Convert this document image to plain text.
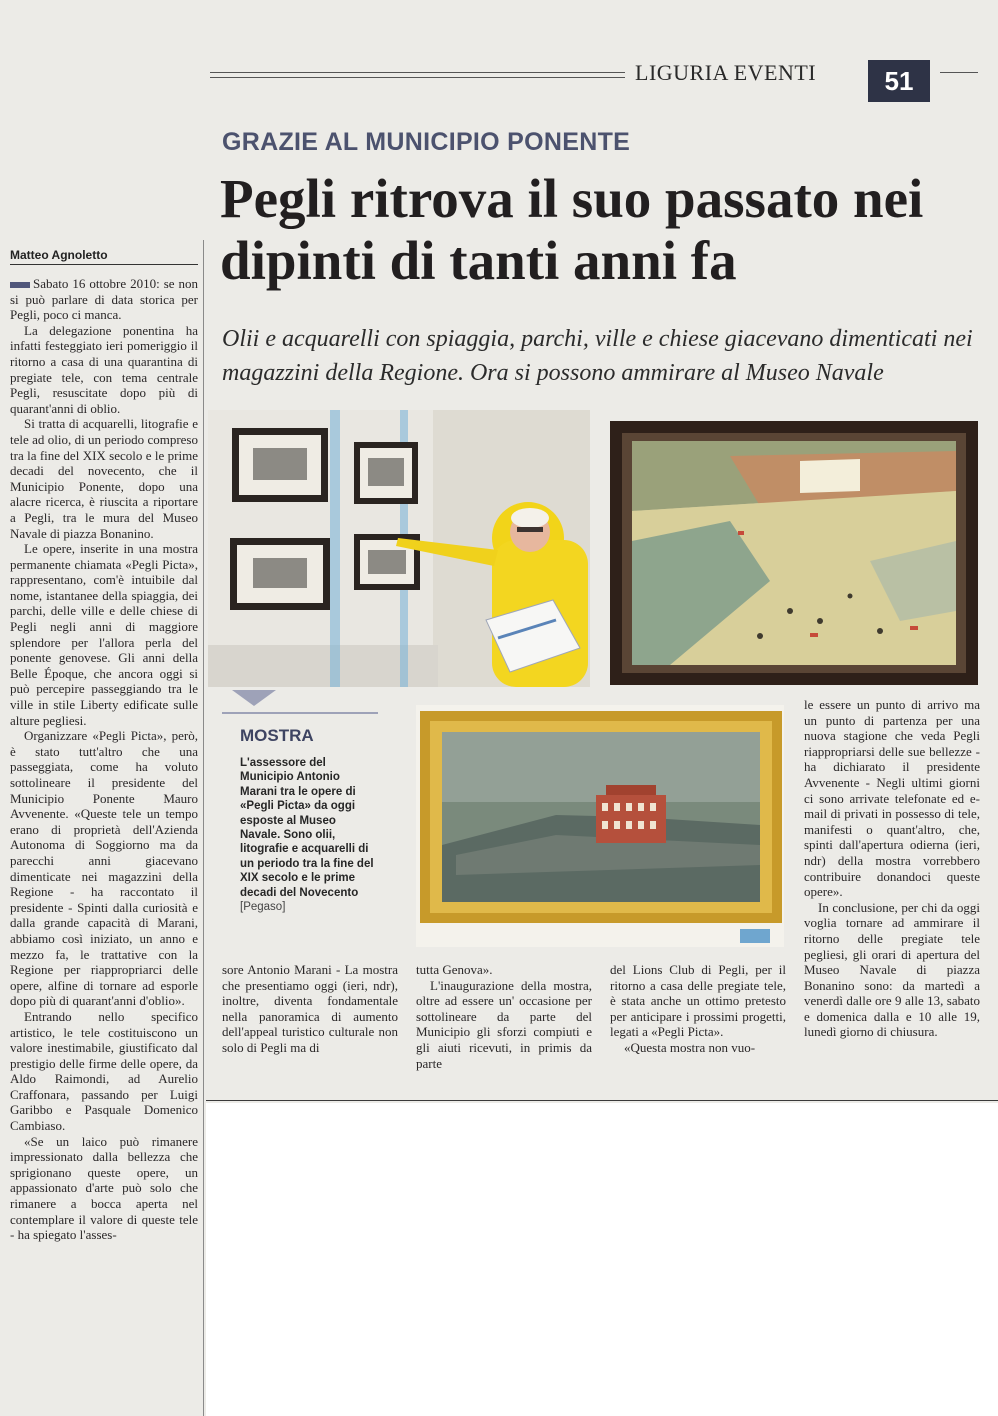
LIGURIA EVENTI	51
GRAZIE AL MUNICIPIO PONENTE
Pegli ritrova il suo passato nei dipinti di tanti anni fa
Olii e acquarelli con spiaggia, parchi, ville e chiese giacevano dimenticati nei magazzini della Regione. Ora si possono ammirare al Museo Navale
Matteo Agnoletto

Sabato 16 ottobre 2010: se non si può parlare di data storica per Pegli, poco ci manca.

La delegazione ponentina ha infatti festeggiato ieri pomeriggio il ritorno a casa di una quarantina di pregiate tele, con tema centrale Pegli, resuscitate dopo più di quarant'anni di oblio.

Si tratta di acquarelli, litografie e tele ad olio, di un periodo compreso tra la fine del XIX secolo e le prime decadi del novecento, che il Municipio Ponente, dopo una alacre ricerca, è riuscita a riportare a Pegli, tra le mura del Museo Navale di piazza Bonanino.

Le opere, inserite in una mostra permanente chiamata «Pegli Picta», rappresentano, com'è intuibile dal nome, istantanee della spiaggia, dei parchi, delle ville e delle chiese di Pegli negli anni di maggiore splendore per l'allora perla del ponente genovese. Gli anni della Belle Époque, che ancora oggi si può percepire passeggiando tra le ville in stile Liberty edificate sulle alture pegliesi.

Organizzare «Pegli Picta», però, è stato tutt'altro che una passeggiata, come ha voluto sottolineare il presidente del Municipio Ponente Mauro Avvenente. «Queste tele un tempo erano di proprietà dell'Azienda Autonoma di Soggiorno ma da parecchi anni giacevano dimenticate nei magazzini della Regione - ha raccontato il presidente - Spinti dalla curiosità e dalla grande capacità di Marani, abbiamo così iniziato, un anno e mezzo fa, le trattative con la Regione per riappropriarci delle opere, alfine di tornare ad esporle dopo più di quarant'anni d'oblio».

Entrando nello specifico artistico, le tele costituiscono un valore inestimabile, giustificato dal prestigio delle firme delle opere, da Aldo Raimondi, ad Aurelio Craffonara, passando per Luigi Garibbo e Pasquale Domenico Cambiaso.

«Se un laico può rimanere impressionato dalla bellezza che sprigionano queste opere, un appassionato d'arte può solo che rimanere a bocca aperta nel contemplare il valore di queste tele - ha spiegato l'asses-

MOSTRA
L'assessore del Municipio Antonio Marani tra le opere di «Pegli Picta» da oggi esposte al Museo Navale. Sono olii, litografie e acquarelli di un periodo tra la fine del XIX secolo e le prime decadi del Novecento [Pegaso]

sore Antonio Marani - La mostra che presentiamo oggi (ieri, ndr), inoltre, diventa fondamentale nella panoramica di aumento dell'appeal turistico culturale non solo di Pegli ma di

tutta Genova».

L'inaugurazione della mostra, oltre ad essere un' occasione per sottolineare da parte del Municipio gli sforzi compiuti e gli aiuti ricevuti, in primis da parte

del Lions Club di Pegli, per il ritorno a casa delle pregiate tele, è stata anche un ottimo pretesto per anticipare i prossimi progetti, legati a «Pegli Picta».

«Questa mostra non vuo-

le essere un punto di arrivo ma un punto di partenza per una nuova stagione che veda Pegli riappropriarsi delle sue bellezze - ha dichiarato il presidente Avvenente - Negli ultimi giorni ci sono arrivate telefonate ed e-mail di privati in possesso di tele, manifesti o quant'altro, che, spinti dall'apertura odierna (ieri, ndr) della mostra vorrebbero contribuire donandoci queste opere».

In conclusione, per chi da oggi voglia tornare ad ammirare il ritorno delle pregiate tele pegliesi, gli orari di apertura del Museo Navale di piazza Bonanino sono: da martedì a venerdì dalle ore 9 alle 13, sabato e domenica dalla e 10 alle 19, lunedì giorno di chiusura.
